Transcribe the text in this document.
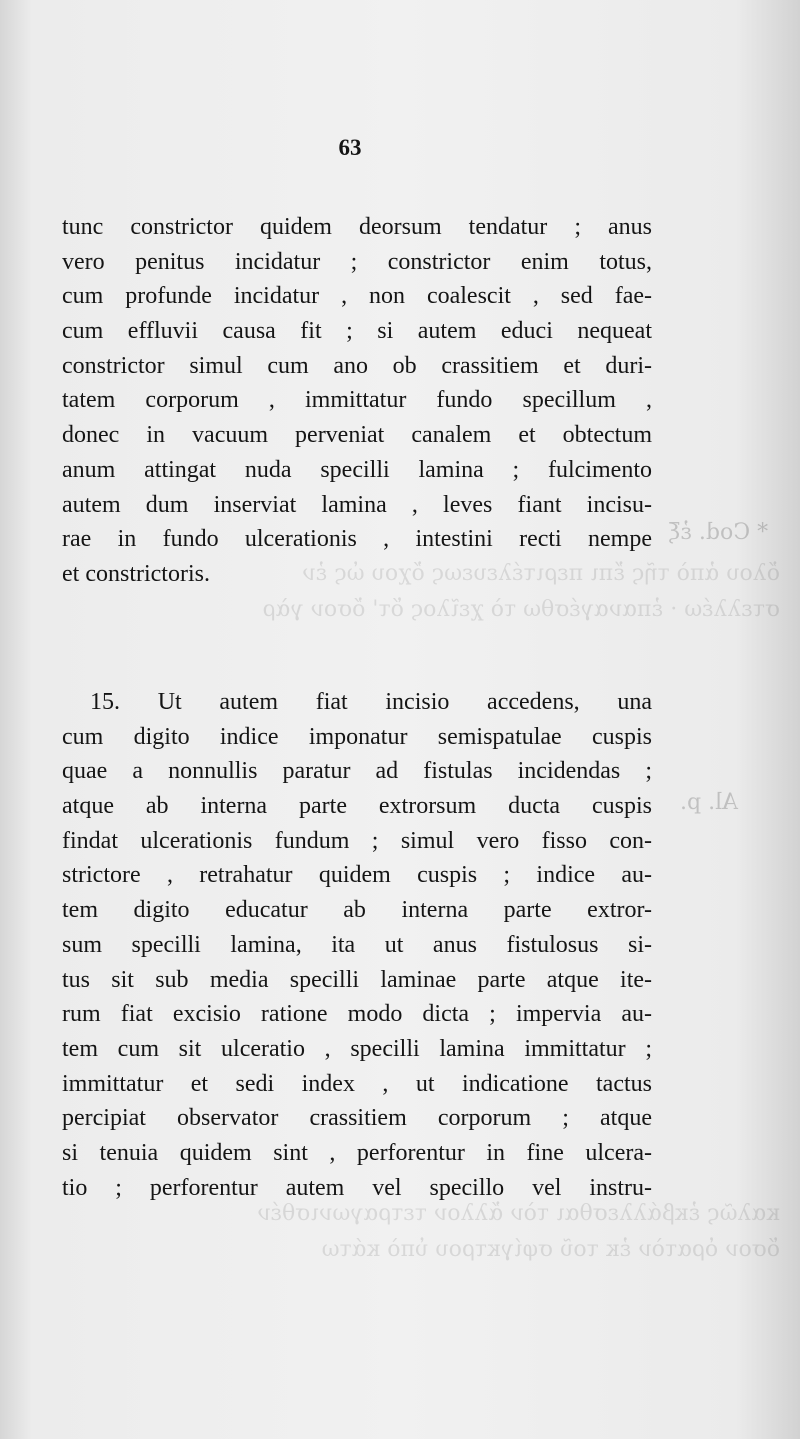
ὄλου ἀπὸ τῆς ἔπι περιτέλευεως ὄχου ὡς ἐν
στελλέω · ἐπαναγέσθω τὸ χεῖλος ὅτ' ὄσον γὰρ
καλῶς ἐκβάλλεσθαι τὸν ἄλλον τετραγωνισθέν
ὅσον ὁρατὸν ἐκ τοῦ σφίγκτρου ὑπὸ κάτω
* Cod. ἐξ
Al. p.
63
tunc constrictor quidem deorsum tendatur ; anus
vero penitus incidatur ; constrictor enim totus,
cum profunde incidatur , non coalescit , sed fae-
cum effluvii causa fit ; si autem educi nequeat
constrictor simul cum ano ob crassitiem et duri-
tatem corporum , immittatur fundo specillum ,
donec in vacuum perveniat canalem et obtectum
anum attingat nuda specilli lamina ; fulcimento
autem dum inserviat lamina , leves fiant incisu-
rae in fundo ulcerationis , intestini recti nempe
et constrictoris.
15. Ut autem fiat incisio accedens, una
cum digito indice imponatur semispatulae cuspis
quae a nonnullis paratur ad fistulas incidendas ;
atque ab interna parte extrorsum ducta cuspis
findat ulcerationis fundum ; simul vero fisso con-
strictore , retrahatur quidem cuspis ; indice au-
tem digito educatur ab interna parte extror-
sum specilli lamina, ita ut anus fistulosus si-
tus sit sub media specilli laminae parte atque ite-
rum fiat excisio ratione modo dicta ; impervia au-
tem cum sit ulceratio , specilli lamina immittatur ;
immittatur et sedi index , ut indicatione tactus
percipiat observator crassitiem corporum ; atque
si tenuia quidem sint , perforentur in fine ulcera-
tio ; perforentur autem vel specillo vel instru-
